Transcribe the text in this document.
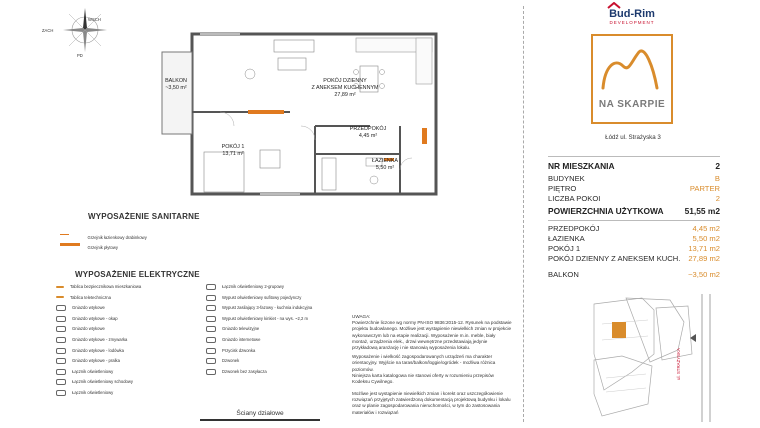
ZACH
WSCH
PD
BALKON
~3,50 m²
POKÓJ DZIENNY
Z ANEKSEM KUCHENNYM
27,89 m²
PRZEDPOKÓJ
4,45 m²
POKÓJ 1
13,71 m²
ŁAZIENKA
5,50 m²
WYPOSAŻENIE SANITARNE
Grzejnik łazienkowy drabinkowy
Grzejnik płytowy
WYPOSAŻENIE ELEKTRYCZNE
Tablica bezpiecznikowa mieszkaniowa
Tablica teletechniczna
Gniazdo wtykowe
Gniazdo wtykowe - okap
Gniazdo wtykowe
Gniazdo wtykowe - zmywarka
Gniazdo wtykowe - lodówka
Gniazdo wtykowe - pralka
Łącznik oświetleniowy
Łącznik oświetleniowy schodowy
Łącznik oświetleniowy
Łącznik oświetleniowy 2-grupowy
Wypust oświetleniowy sufitowy pojedynczy
Wypust zasilający 3-fazowy - kuchnia indukcyjna
Wypust oświetleniowy kinkiet - na wys. ~2,2 m
Gniazdo telewizyjne
Gniazdo internetowe
Przycisk dzwonka
Dzwonek
Dzwonek bez zasyłacza
Ściany działowe
UWAGA:
Powierzchnie liczone wg normy PN-ISO 9836:2015-12. Rysunek na podstawie projektu budowlanego. Możliwe jest wystąpienie niewielkich zmian w projekcie wykonawczym lub na etapie realizacji. Wyposażenie m.in. meble, biały montaż, urządzenia elek., drzwi wewnętrzne przedstawiają jedynie przykładową aranżację i nie stanowią wyposażenia lokalu.
Wyposażenie i wielkość zagospodarowanych urządzeń ma charakter orientacyjny. Wyjście na taras/balkon/loggie/ogródek - możliwa różnica poziomów.
Niniejsza karta katalogowa nie stanowi oferty w rozumieniu przepisów Kodeksu Cywilnego.
Możliwe jest wystąpienie niewielkich zmian i korekt oraz uszczegółowienie rozwiązań przyjętych zatwierdzoną dokumentacją projektową budynku i lokalu oraz w planie zagospodarowania nieruchomości, w tym do zastosowania materiałów i rozwiązań
Bud-Rim
DEVELOPMENT
NA SKARPIE
Łódź ul. Strażyska 3
NR MIESZKANIA	2
BUDYNEK	B
PIĘTRO	PARTER
LICZBA POKOI	2
POWIERZCHNIA UŻYTKOWA	51,55 m2
PRZEDPOKÓJ	4,45 m2
ŁAZIENKA	5,50 m2
POKÓJ 1	13,71 m2
POKÓJ DZIENNY Z ANEKSEM KUCH. 27,89 m2
BALKON	~3,50 m2
ul. STRAŻYSKA
